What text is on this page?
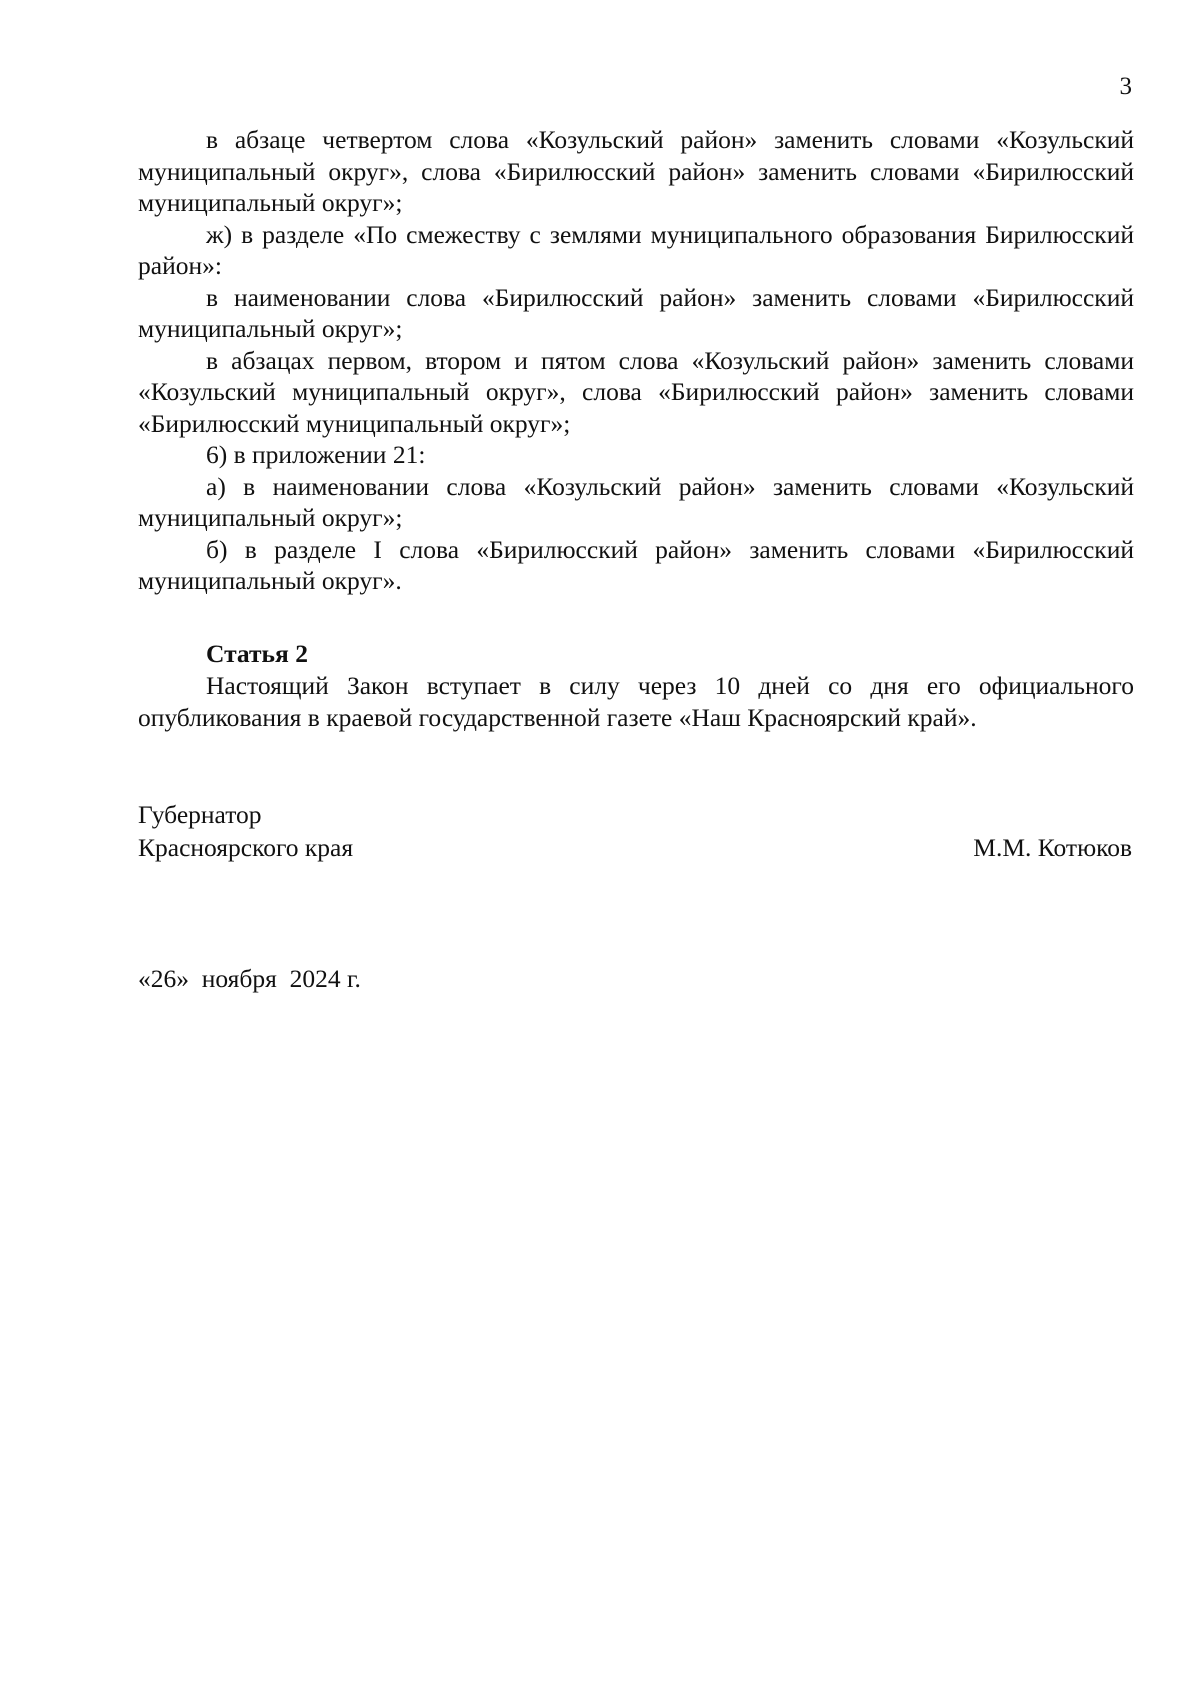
3

в абзаце четвертом слова «Козульский район» заменить словами «Козульский муниципальный округ», слова «Бирилюсский район» заменить словами «Бирилюсский муниципальный округ»;

ж) в разделе «По смежеству с землями муниципального образования Бирилюсский район»:

в наименовании слова «Бирилюсский район» заменить словами «Бирилюсский муниципальный округ»;

в абзацах первом, втором и пятом слова «Козульский район» заменить словами «Козульский муниципальный округ», слова «Бирилюсский район» заменить словами «Бирилюсский муниципальный округ»;

6) в приложении 21:

а) в наименовании слова «Козульский район» заменить словами «Козульский муниципальный округ»;

б) в разделе I слова «Бирилюсский район» заменить словами «Бирилюсский муниципальный округ».

Статья 2

Настоящий Закон вступает в силу через 10 дней со дня его официального опубликования в краевой государственной газете «Наш Красноярский край».

Губернатор
Красноярского края	М.М. Котюков
«26»  ноября  2024 г.
